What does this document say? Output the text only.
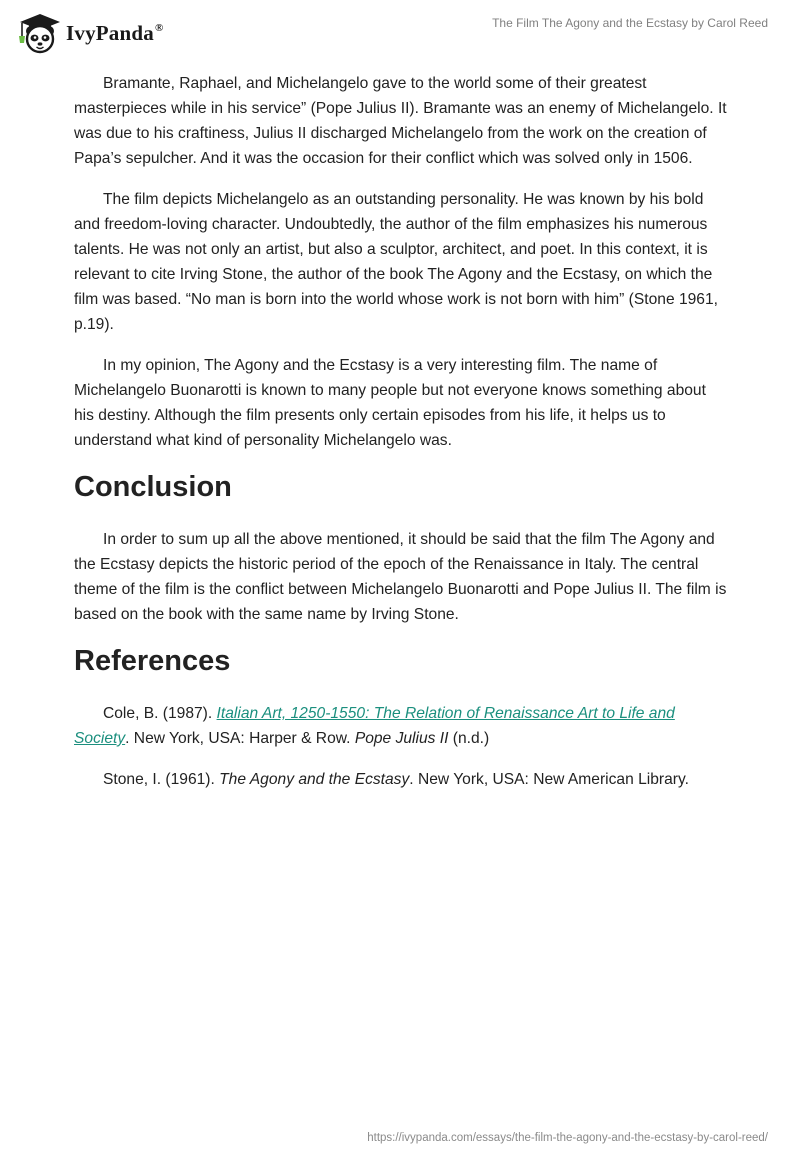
IvyPanda®	The Film The Agony and the Ecstasy by Carol Reed

Bramante, Raphael, and Michelangelo gave to the world some of their greatest masterpieces while in his service” (Pope Julius II). Bramante was an enemy of Michelangelo. It was due to his craftiness, Julius II discharged Michelangelo from the work on the creation of Papa’s sepulcher. And it was the occasion for their conflict which was solved only in 1506.

The film depicts Michelangelo as an outstanding personality. He was known by his bold and freedom-loving character. Undoubtedly, the author of the film emphasizes his numerous talents. He was not only an artist, but also a sculptor, architect, and poet. In this context, it is relevant to cite Irving Stone, the author of the book The Agony and the Ecstasy, on which the film was based. “No man is born into the world whose work is not born with him” (Stone 1961, p.19).

In my opinion, The Agony and the Ecstasy is a very interesting film. The name of Michelangelo Buonarotti is known to many people but not everyone knows something about his destiny. Although the film presents only certain episodes from his life, it helps us to understand what kind of personality Michelangelo was.

Conclusion

In order to sum up all the above mentioned, it should be said that the film The Agony and the Ecstasy depicts the historic period of the epoch of the Renaissance in Italy. The central theme of the film is the conflict between Michelangelo Buonarotti and Pope Julius II. The film is based on the book with the same name by Irving Stone.

References

Cole, B. (1987). Italian Art, 1250-1550: The Relation of Renaissance Art to Life and Society. New York, USA: Harper & Row. Pope Julius II (n.d.)

Stone, I. (1961). The Agony and the Ecstasy. New York, USA: New American Library.

https://ivypanda.com/essays/the-film-the-agony-and-the-ecstasy-by-carol-reed/
